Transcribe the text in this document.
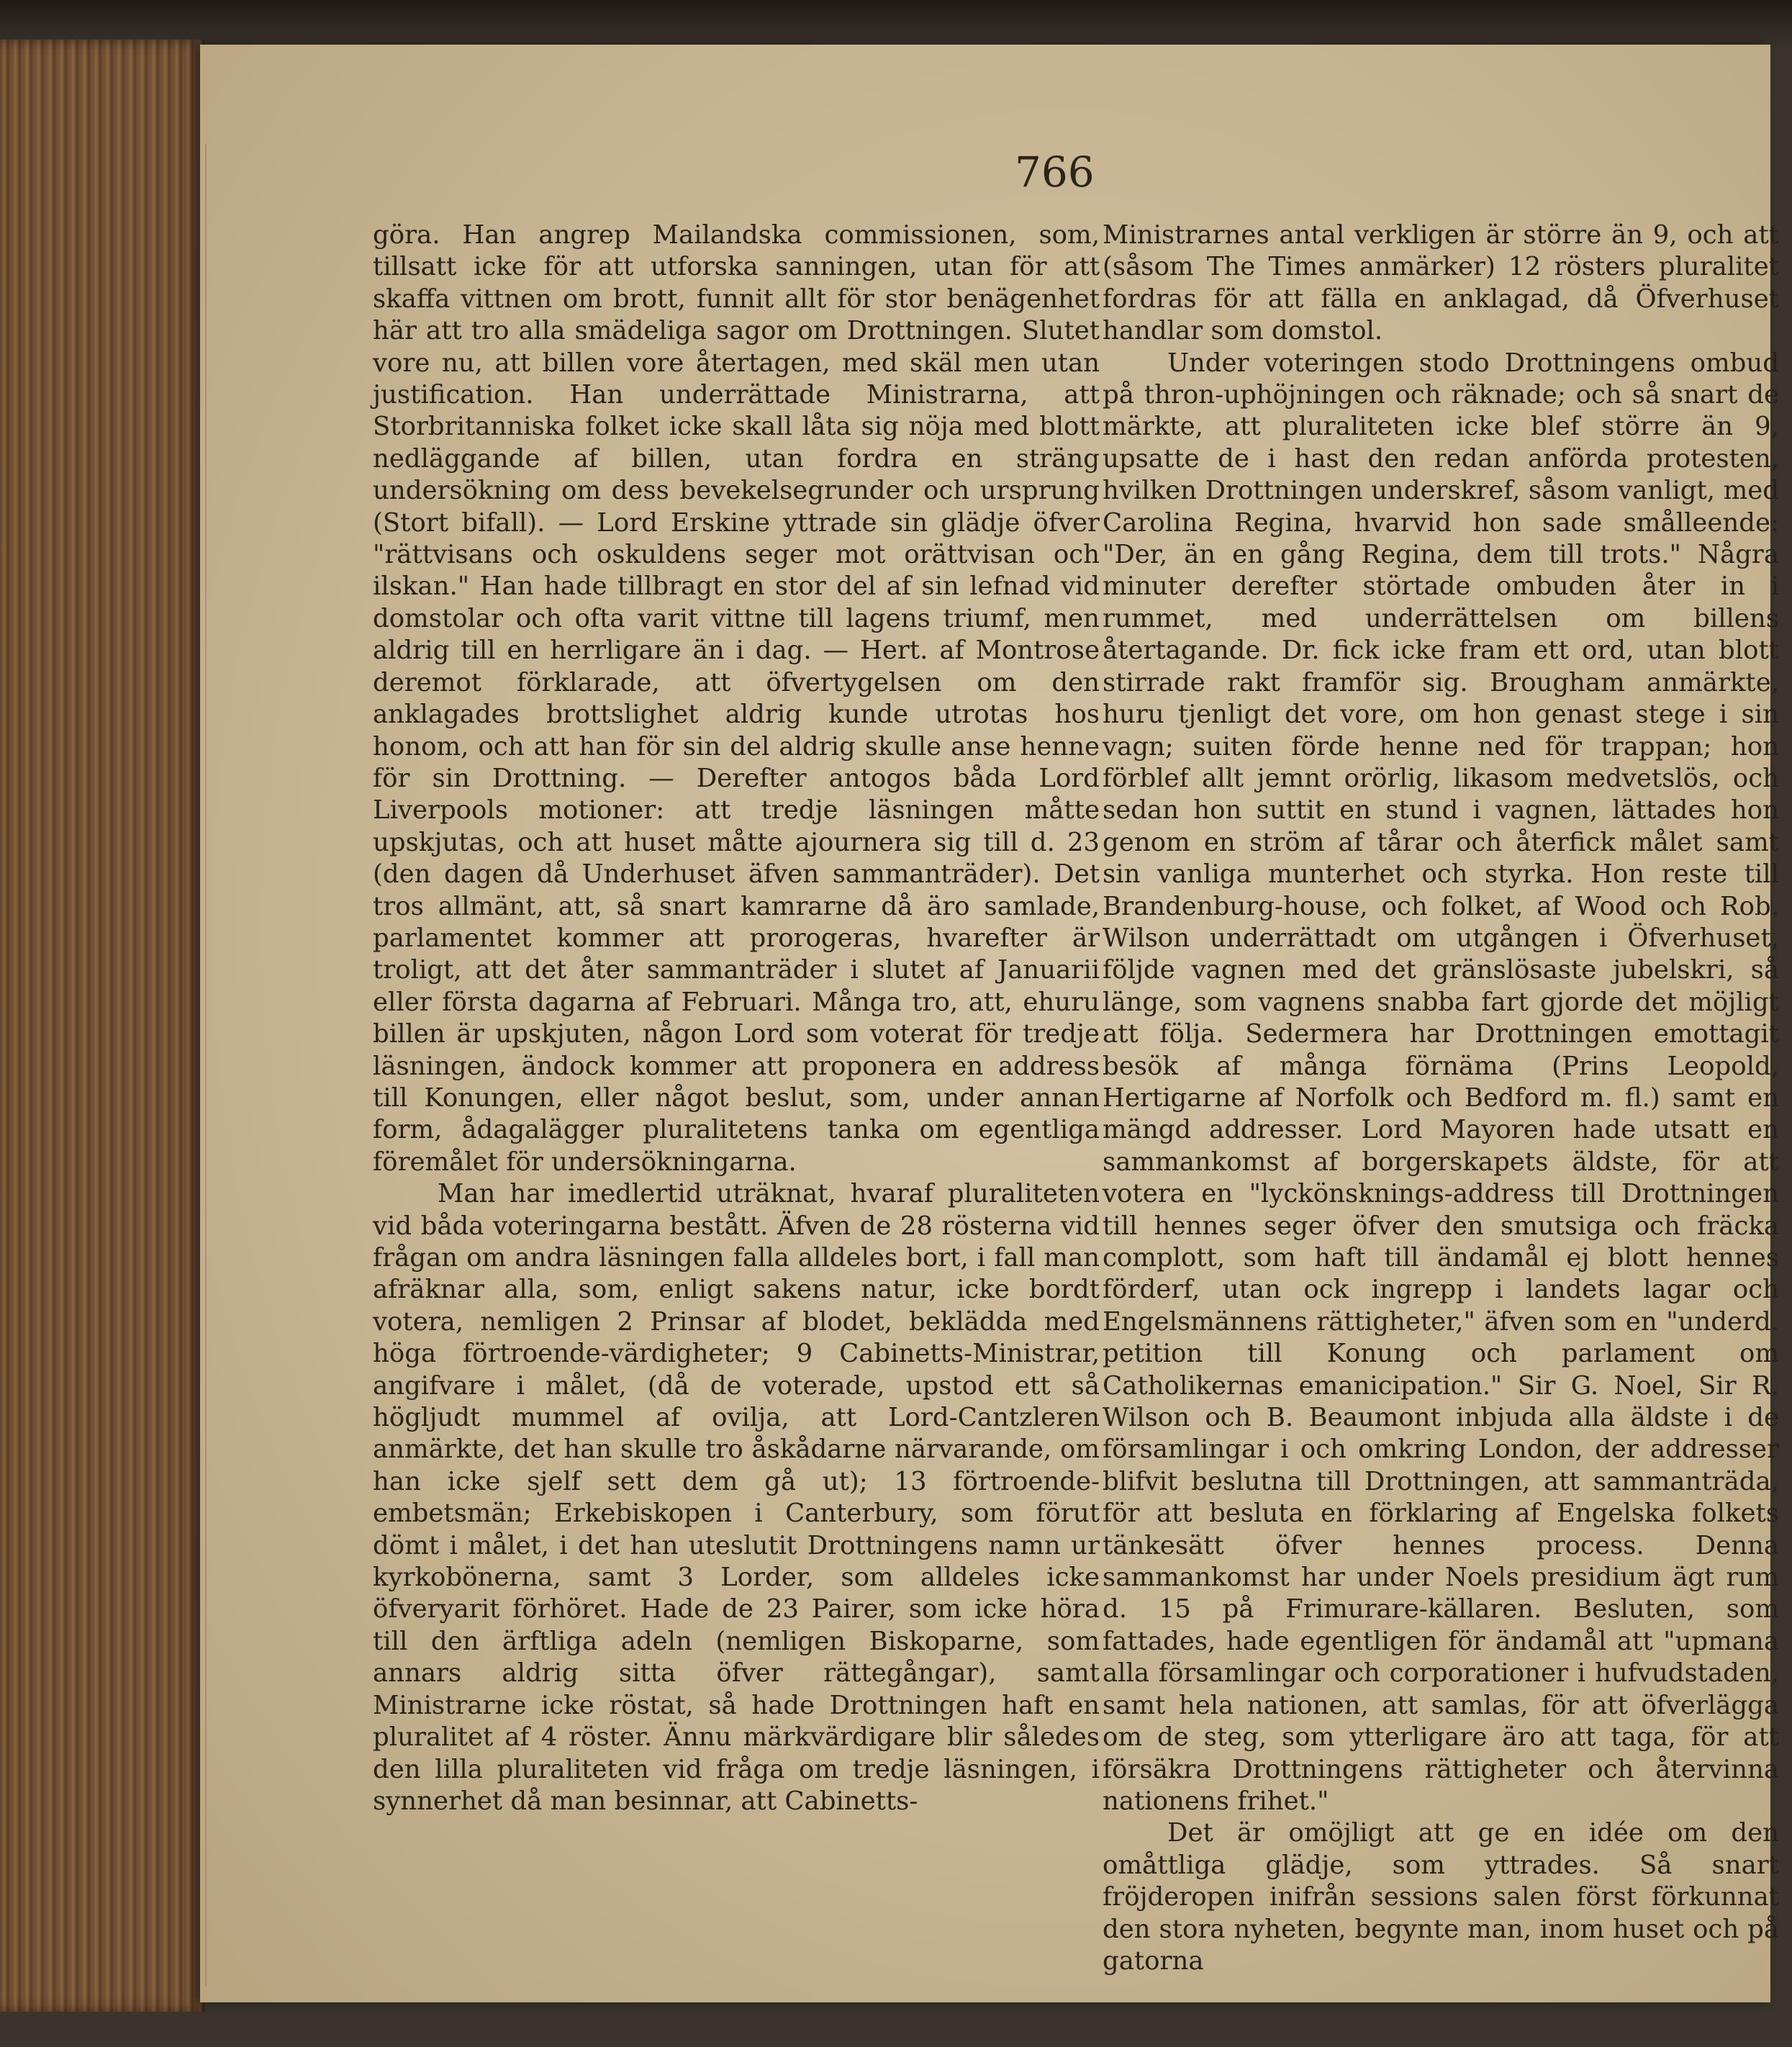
766

göra. Han angrep Mailandska commissionen, som, tillsatt icke för att utforska sanningen, utan för att skaffa vittnen om brott, funnit allt för stor benägenhet här att tro alla smädeliga sagor om Drottningen. Slutet vore nu, att billen vore återtagen, med skäl men utan justification. Han underrättade Ministrarna, att Storbritanniska folket icke skall låta sig nöja med blott nedläggande af billen, utan fordra en sträng undersökning om dess bevekelsegrunder och ursprung (Stort bifall). — Lord Erskine yttrade sin glädje öfver "rättvisans och oskuldens seger mot orättvisan och ilskan." Han hade tillbragt en stor del af sin lefnad vid domstolar och ofta varit vittne till lagens triumf, men aldrig till en herrligare än i dag. — Hert. af Montrose deremot förklarade, att öfvertygelsen om den anklagades brottslighet aldrig kunde utrotas hos honom, och att han för sin del aldrig skulle anse henne för sin Drottning. — Derefter antogos båda Lord Liverpools motioner: att tredje läsningen måtte upskjutas, och att huset måtte ajournera sig till d. 23 (den dagen då Underhuset äfven sammanträder). Det tros allmänt, att, så snart kamrarne då äro samlade, parlamentet kommer att prorogeras, hvarefter är troligt, att det åter sammanträder i slutet af Januarii eller första dagarna af Februari. Många tro, att, ehuru billen är upskjuten, någon Lord som voterat för tredje läsningen, ändock kommer att proponera en address till Konungen, eller något beslut, som, under annan form, ådagalägger pluralitetens tanka om egentliga föremålet för undersökningarna.

Man har imedlertid uträknat, hvaraf pluraliteten vid båda voteringarna bestått. Äfven de 28 rösterna vid frågan om andra läsningen falla alldeles bort, i fall man afräknar alla, som, enligt sakens natur, icke bordt votera, nemligen 2 Prinsar af blodet, beklädda med höga förtroende-värdigheter; 9 Cabinetts-Ministrar, angifvare i målet, (då de voterade, upstod ett så högljudt mummel af ovilja, att Lord-Cantzleren anmärkte, det han skulle tro åskådarne närvarande, om han icke sjelf sett dem gå ut); 13 förtroende-embetsmän; Erkebiskopen i Canterbury, som förut dömt i målet, i det han uteslutit Drottningens namn ur kyrkobönerna, samt 3 Lorder, som alldeles icke öfveryarit förhöret. Hade de 23 Pairer, som icke höra till den ärftliga adeln (nemligen Biskoparne, som annars aldrig sitta öfver rättegångar), samt Ministrarne icke röstat, så hade Drottningen haft en pluralitet af 4 röster. Ännu märkvärdigare blir således den lilla pluraliteten vid fråga om tredje läsningen, i synnerhet då man besinnar, att Cabinetts-

Ministrarnes antal verkligen är större än 9, och att (såsom The Times anmärker) 12 rösters pluralitet fordras för att fälla en anklagad, då Öfverhuset handlar som domstol.

Under voteringen stodo Drottningens ombud på thron-uphöjningen och räknade; och så snart de märkte, att pluraliteten icke blef större än 9, upsatte de i hast den redan anförda protesten, hvilken Drottningen underskref, såsom vanligt, med Carolina Regina, hvarvid hon sade smålleende: "Der, än en gång Regina, dem till trots." Några minuter derefter störtade ombuden åter in i rummet, med underrättelsen om billens återtagande. Dr. fick icke fram ett ord, utan blott stirrade rakt framför sig. Brougham anmärkte, huru tjenligt det vore, om hon genast stege i sin vagn; suiten förde henne ned för trappan; hon förblef allt jemnt orörlig, likasom medvetslös, och sedan hon suttit en stund i vagnen, lättades hon genom en ström af tårar och återfick målet samt sin vanliga munterhet och styrka. Hon reste till Brandenburg-house, och folket, af Wood och Rob. Wilson underrättadt om utgången i Öfverhuset, följde vagnen med det gränslösaste jubelskri, så länge, som vagnens snabba fart gjorde det möjligt att följa. Sedermera har Drottningen emottagit besök af många förnäma (Prins Leopold, Hertigarne af Norfolk och Bedford m. fl.) samt en mängd addresser. Lord Mayoren hade utsatt en sammankomst af borgerskapets äldste, för att votera en "lyckönsknings-address till Drottningen till hennes seger öfver den smutsiga och fräcka complott, som haft till ändamål ej blott hennes förderf, utan ock ingrepp i landets lagar och Engelsmännens rättigheter," äfven som en "underd. petition till Konung och parlament om Catholikernas emanicipation." Sir G. Noel, Sir R. Wilson och B. Beaumont inbjuda alla äldste i de församlingar i och omkring London, der addresser blifvit beslutna till Drottningen, att sammanträda, för att besluta en förklaring af Engelska folkets tänkesätt öfver hennes process. Denna sammankomst har under Noels presidium ägt rum d. 15 på Frimurare-källaren. Besluten, som fattades, hade egentligen för ändamål att "upmana alla församlingar och corporationer i hufvudstaden, samt hela nationen, att samlas, för att öfverlägga om de steg, som ytterligare äro att taga, för att försäkra Drottningens rättigheter och återvinna nationens frihet."

Det är omöjligt att ge en idée om den omåttliga glädje, som yttrades. Så snart fröjderopen inifrån sessions salen först förkunnat den stora nyheten, begynte man, inom huset och på gatorna
